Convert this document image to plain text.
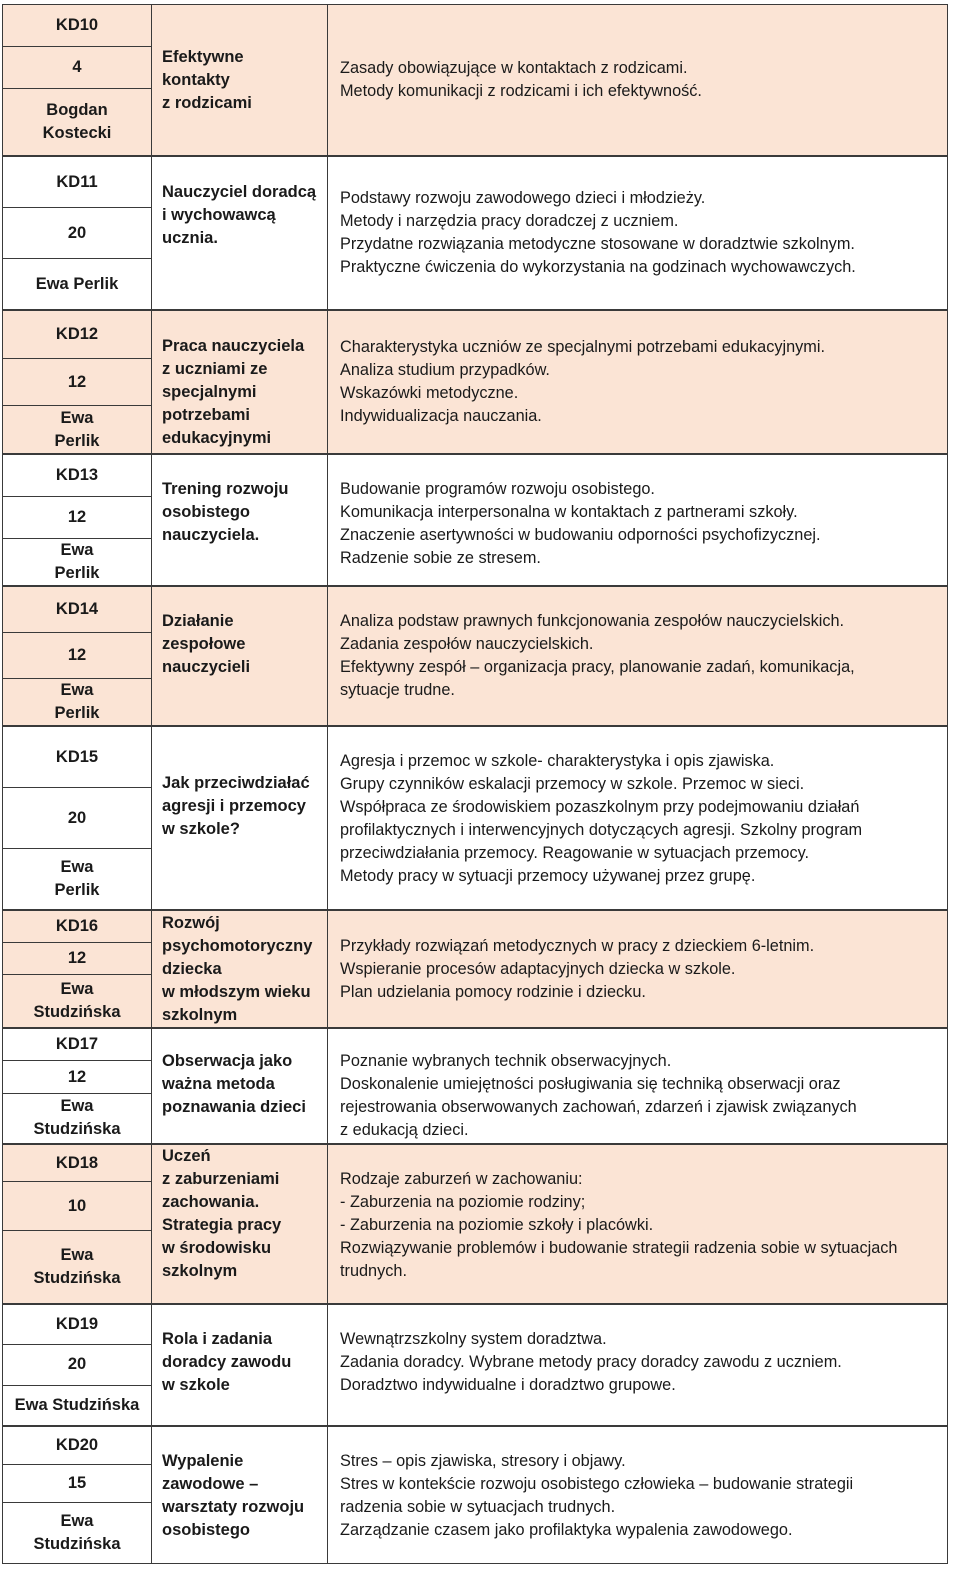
KD10
4
Bogdan
Kostecki
Efektywne
kontakty
z rodzicami
Zasady obowiązujące w kontaktach z rodzicami.
Metody komunikacji z rodzicami i ich efektywność.
KD11
20
Ewa Perlik
Nauczyciel doradcą
i wychowawcą
ucznia.
Podstawy rozwoju zawodowego dzieci i młodzieży.
Metody i narzędzia pracy doradczej z uczniem.
Przydatne rozwiązania metodyczne stosowane w doradztwie szkolnym.
Praktyczne ćwiczenia do wykorzystania na godzinach wychowawczych.
KD12
12
Ewa
Perlik
Praca nauczyciela
z uczniami ze
specjalnymi
potrzebami
edukacyjnymi
Charakterystyka uczniów ze specjalnymi potrzebami edukacyjnymi.
Analiza studium przypadków.
Wskazówki metodyczne.
Indywidualizacja nauczania.
KD13
12
Ewa
Perlik
Trening rozwoju
osobistego
nauczyciela.
Budowanie programów rozwoju osobistego.
Komunikacja interpersonalna w kontaktach z partnerami szkoły.
Znaczenie asertywności w budowaniu odporności psychofizycznej.
Radzenie sobie ze stresem.
KD14
12
Ewa
Perlik
Działanie
zespołowe
nauczycieli
Analiza podstaw prawnych funkcjonowania zespołów nauczycielskich.
Zadania zespołów nauczycielskich.
Efektywny zespół – organizacja pracy, planowanie zadań, komunikacja,
sytuacje trudne.
KD15
20
Ewa
Perlik
Jak przeciwdziałać
agresji i przemocy
w szkole?
Agresja i przemoc w szkole- charakterystyka i opis zjawiska.
Grupy czynników eskalacji przemocy w szkole. Przemoc w sieci.
Współpraca ze środowiskiem pozaszkolnym przy podejmowaniu działań
profilaktycznych i interwencyjnych dotyczących agresji. Szkolny program
przeciwdziałania przemocy. Reagowanie w sytuacjach przemocy.
Metody pracy w sytuacji przemocy używanej przez grupę.
KD16
12
Ewa
Studzińska
Rozwój
psychomotoryczny
dziecka
w młodszym wieku
szkolnym
Przykłady rozwiązań metodycznych w pracy z dzieckiem 6-letnim.
Wspieranie procesów adaptacyjnych dziecka w szkole.
Plan udzielania pomocy rodzinie i dziecku.
KD17
12
Ewa
Studzińska
Obserwacja jako
ważna metoda
poznawania dzieci
Poznanie wybranych technik obserwacyjnych.
Doskonalenie umiejętności posługiwania się techniką obserwacji oraz
rejestrowania obserwowanych zachowań, zdarzeń i zjawisk związanych
z edukacją dzieci.
KD18
10
Ewa
Studzińska
Uczeń
z zaburzeniami
zachowania.
Strategia pracy
w środowisku
szkolnym
Rodzaje zaburzeń w zachowaniu:
- Zaburzenia na poziomie rodziny;
- Zaburzenia na poziomie szkoły i placówki.
Rozwiązywanie problemów i budowanie strategii radzenia sobie w sytuacjach
trudnych.
KD19
20
Ewa Studzińska
Rola i zadania
doradcy zawodu
w szkole
Wewnątrzszkolny system doradztwa.
Zadania doradcy. Wybrane metody pracy doradcy zawodu z uczniem.
Doradztwo indywidualne i doradztwo grupowe.
KD20
15
Ewa
Studzińska
Wypalenie
zawodowe –
warsztaty rozwoju
osobistego
Stres – opis zjawiska, stresory i objawy.
Stres w kontekście rozwoju osobistego człowieka – budowanie strategii
radzenia sobie w sytuacjach trudnych.
Zarządzanie czasem jako profilaktyka wypalenia zawodowego.
